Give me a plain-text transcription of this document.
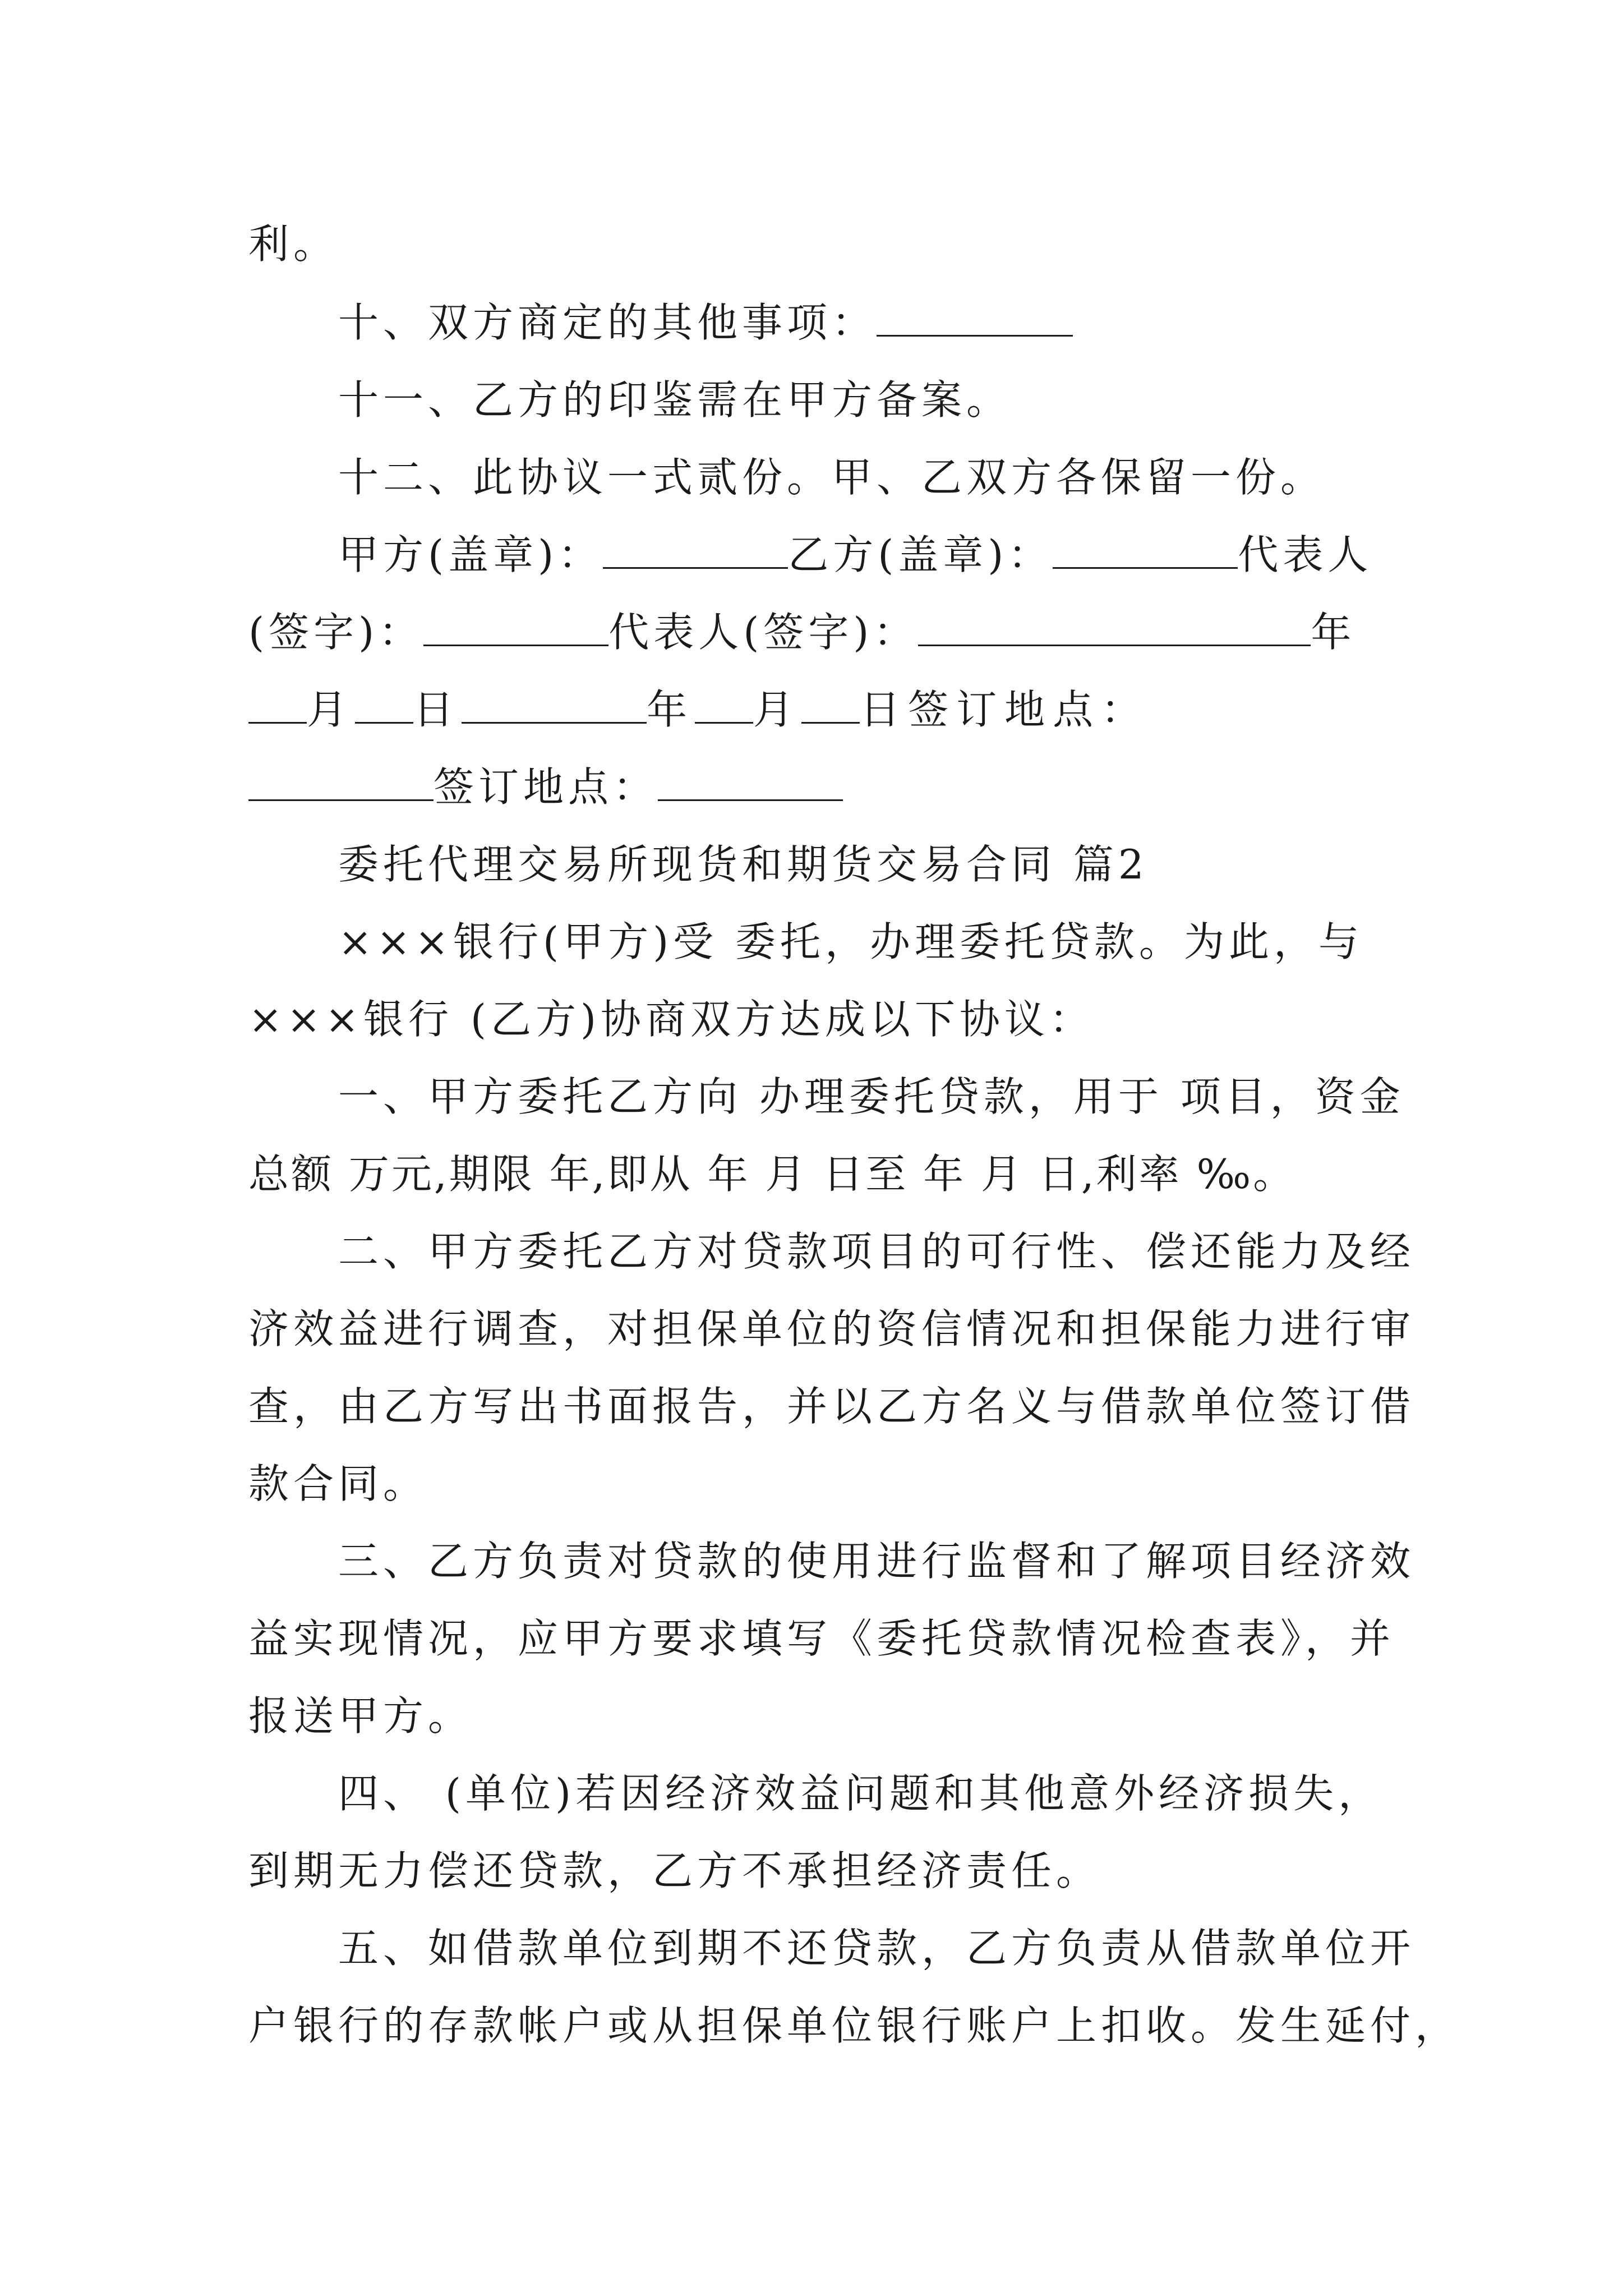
利。
十、双方商定的其他事项：
十一、乙方的印鉴需在甲方备案。
十二、此协议一式贰份。甲、乙双方各保留一份。
甲方(盖章)：	乙方(盖章)：	代表人
(签字)：	代表人(签字)：	年
月 日	年 月 日签订地点：
签订地点：
委托代理交易所现货和期货交易合同 篇2
×××银行(甲方)受 委托，办理委托贷款。为此，与
×××银行 (乙方)协商双方达成以下协议：
一、甲方委托乙方向 办理委托贷款，用于 项目，资金
总额 万元,期限 年,即从 年 月 日至 年 月 日,利率 ‰。
二、甲方委托乙方对贷款项目的可行性、偿还能力及经
济效益进行调查，对担保单位的资信情况和担保能力进行审
查，由乙方写出书面报告，并以乙方名义与借款单位签订借
款合同。
三、乙方负责对贷款的使用进行监督和了解项目经济效
益实现情况，应甲方要求填写《委托贷款情况检查表》，并
报送甲方。
四、 (单位)若因经济效益问题和其他意外经济损失，
到期无力偿还贷款，乙方不承担经济责任。
五、如借款单位到期不还贷款，乙方负责从借款单位开
户银行的存款帐户或从担保单位银行账户上扣收。发生延付，
